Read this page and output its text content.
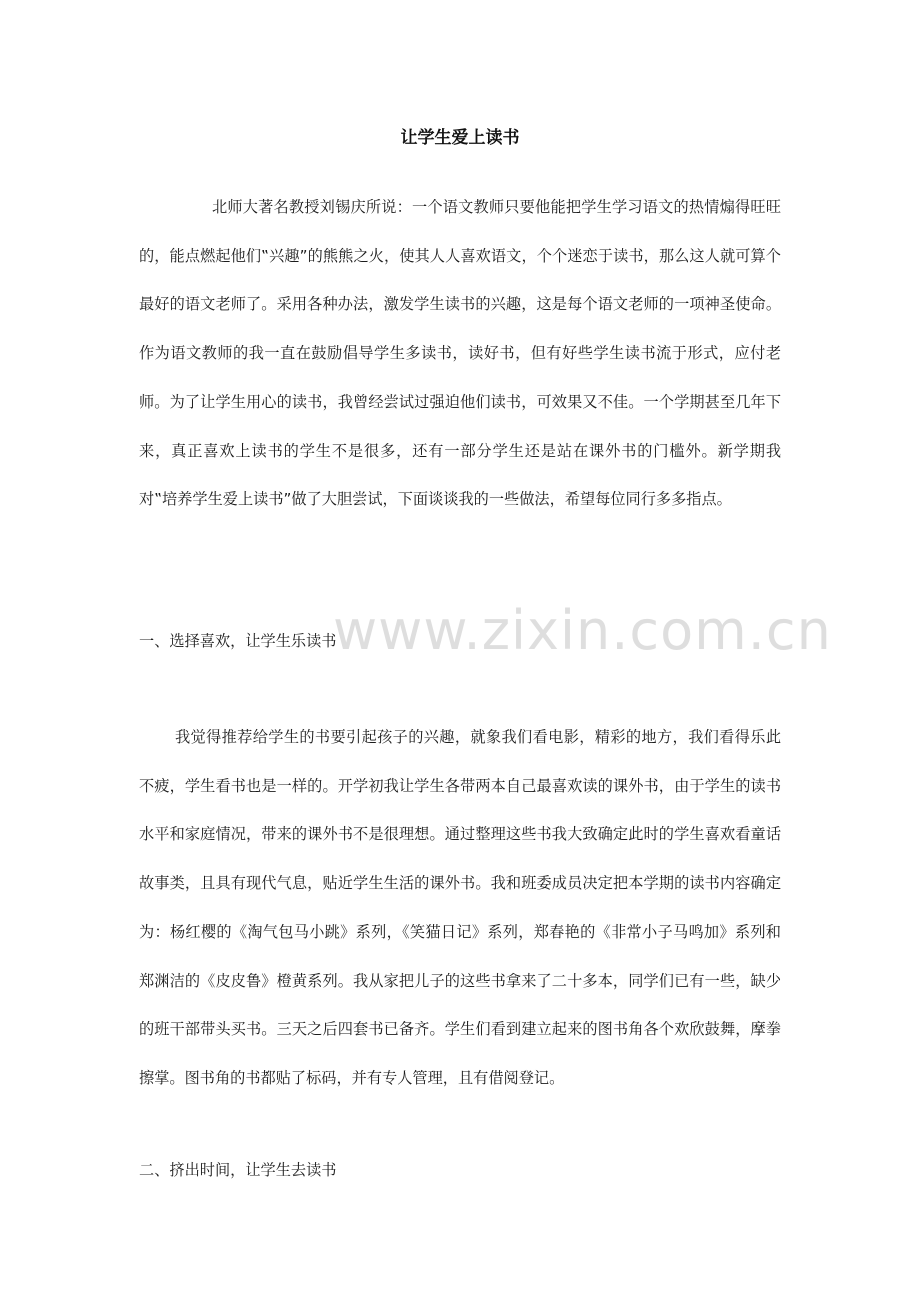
让学生爱上读书

北师大著名教授刘锡庆所说：一个语文教师只要他能把学生学习语文的热情煽得旺旺的，能点燃起他们‟兴趣”的熊熊之火，使其人人喜欢语文，个个迷恋于读书，那么这人就可算个最好的语文老师了。采用各种办法，激发学生读书的兴趣，这是每个语文老师的一项神圣使命。作为语文教师的我一直在鼓励倡导学生多读书，读好书，但有好些学生读书流于形式，应付老师。为了让学生用心的读书，我曾经尝试过强迫他们读书，可效果又不佳。一个学期甚至几年下来，真正喜欢上读书的学生不是很多，还有一部分学生还是站在课外书的门槛外。新学期我对‟培养学生爱上读书”做了大胆尝试，下面谈谈我的一些做法，希望每位同行多多指点。

一、选择喜欢，让学生乐读书

我觉得推荐给学生的书要引起孩子的兴趣，就象我们看电影，精彩的地方，我们看得乐此不疲，学生看书也是一样的。开学初我让学生各带两本自己最喜欢读的课外书，由于学生的读书水平和家庭情况，带来的课外书不是很理想。通过整理这些书我大致确定此时的学生喜欢看童话故事类，且具有现代气息，贴近学生生活的课外书。我和班委成员决定把本学期的读书内容确定为：杨红樱的《淘气包马小跳》系列，《笑猫日记》系列，郑春艳的《非常小子马鸣加》系列和郑渊洁的《皮皮鲁》橙黄系列。我从家把儿子的这些书拿来了二十多本，同学们已有一些，缺少的班干部带头买书。三天之后四套书已备齐。学生们看到建立起来的图书角各个欢欣鼓舞，摩拳擦掌。图书角的书都贴了标码，并有专人管理，且有借阅登记。

二、挤出时间，让学生去读书
www.zixin.com.cn
